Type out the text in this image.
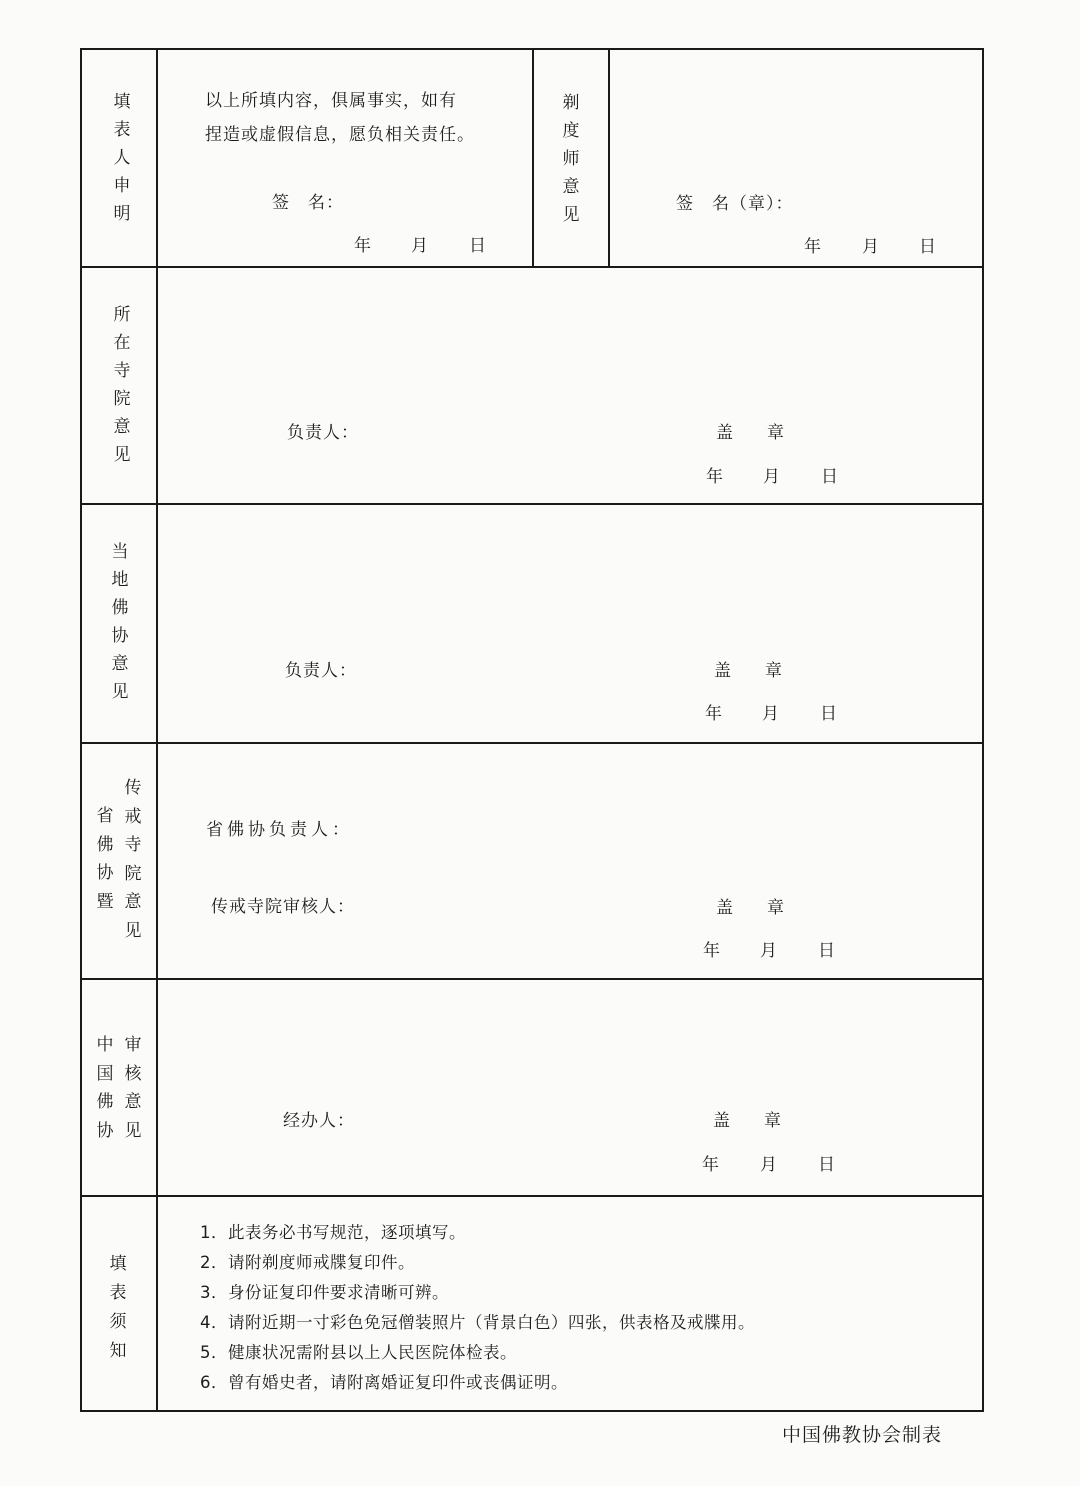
填表人申明
以上所填内容，俱属事实，如有
捏造或虚假信息，愿负相关责任。
签　名：
年 月 日
剃度师意见
签　名（章）：
年 月 日
所在寺院意见
负责人：	盖章
年 月 日
当地佛协意见
负责人：	盖章
年 月 日
省佛协暨
传戒寺院意见
省佛协负责人：
传戒寺院审核人：	盖章
年 月 日
中国佛协
审核意见	经办人：	盖章
年 月 日
填表须知
1．此表务必书写规范，逐项填写。
2．请附剃度师戒牒复印件。
3．身份证复印件要求清晰可辨。
4．请附近期一寸彩色免冠僧装照片（背景白色）四张，供表格及戒牒用。
5．健康状况需附县以上人民医院体检表。
6．曾有婚史者，请附离婚证复印件或丧偶证明。
中国佛教协会制表
